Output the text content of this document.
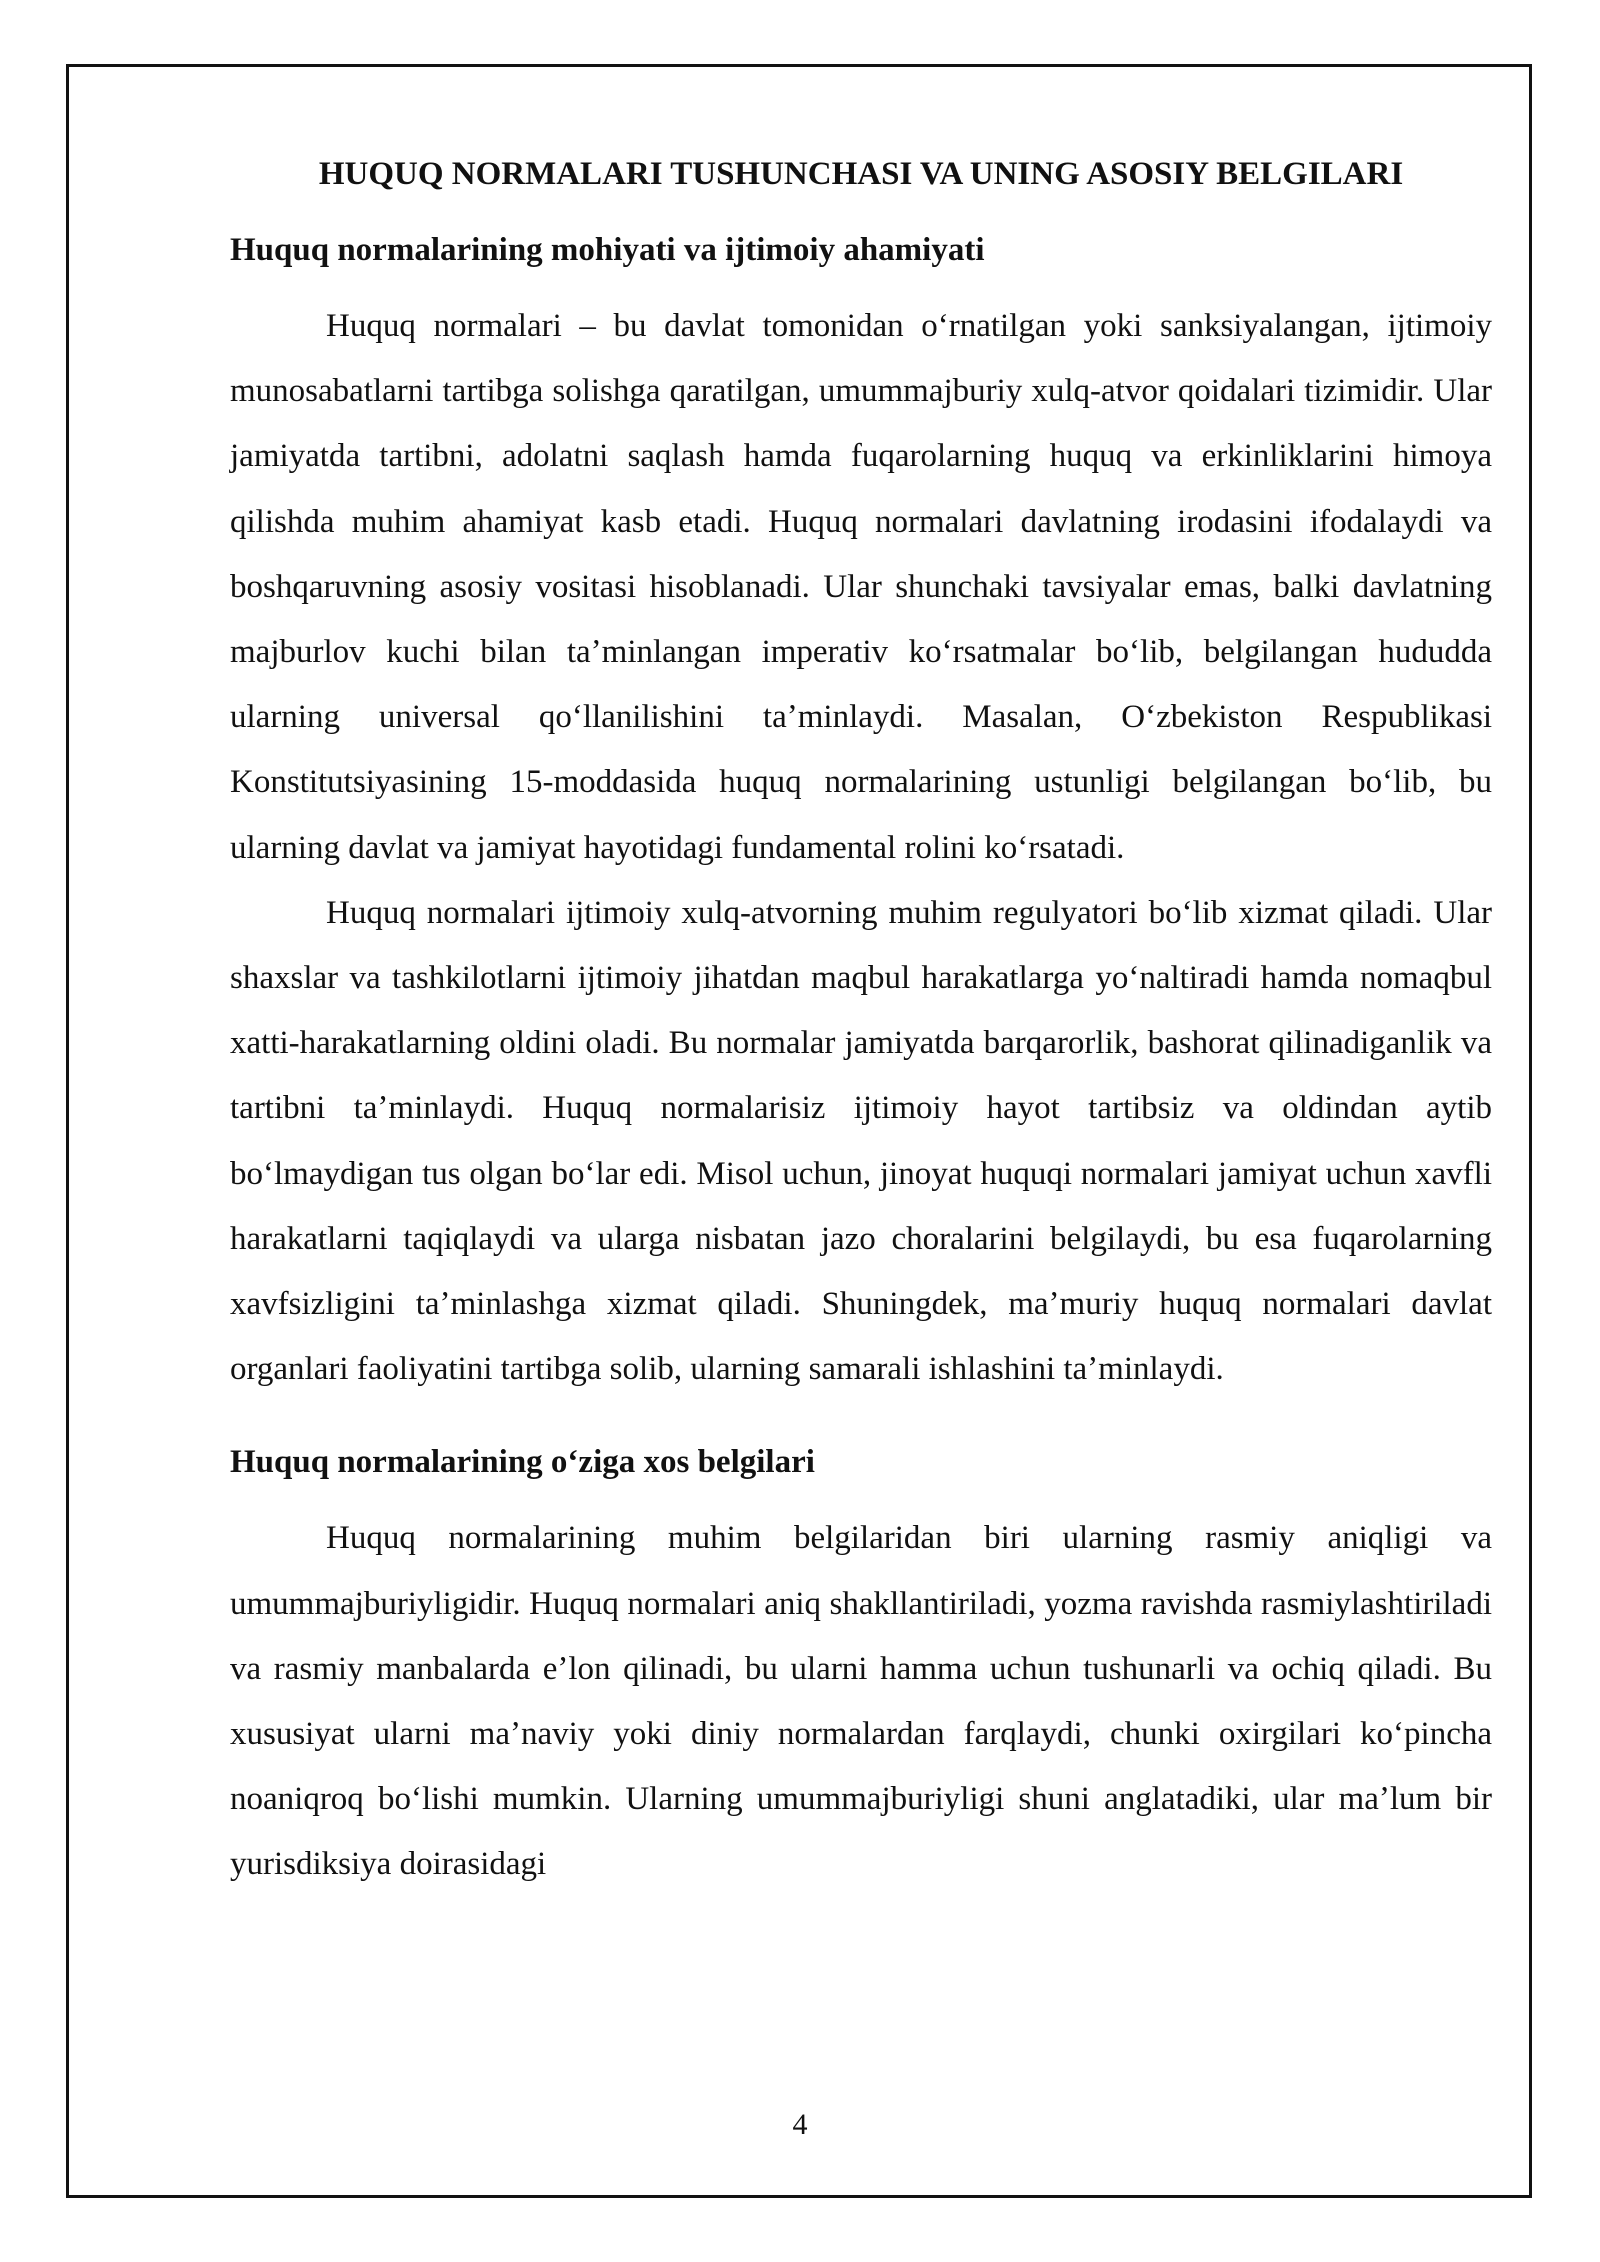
HUQUQ NORMALARI TUSHUNCHASI VA UNING ASOSIY BELGILARI
Huquq normalarining mohiyati va ijtimoiy ahamiyati

Huquq normalari – bu davlat tomonidan oʻrnatilgan yoki sanksiyalangan, ijtimoiy munosabatlarni tartibga solishga qaratilgan, umummajburiy xulq-atvor qoidalari tizimidir. Ular jamiyatda tartibni, adolatni saqlash hamda fuqarolarning huquq va erkinliklarini himoya qilishda muhim ahamiyat kasb etadi. Huquq normalari davlatning irodasini ifodalaydi va boshqaruvning asosiy vositasi hisoblanadi. Ular shunchaki tavsiyalar emas, balki davlatning majburlov kuchi bilan taʼminlangan imperativ koʻrsatmalar boʻlib, belgilangan hududda ularning universal qoʻllanilishini taʼminlaydi. Masalan, Oʻzbekiston Respublikasi Konstitutsiyasining 15-moddasida huquq normalarining ustunligi belgilangan boʻlib, bu ularning davlat va jamiyat hayotidagi fundamental rolini koʻrsatadi.

Huquq normalari ijtimoiy xulq-atvorning muhim regulyatori boʻlib xizmat qiladi. Ular shaxslar va tashkilotlarni ijtimoiy jihatdan maqbul harakatlarga yoʻnaltiradi hamda nomaqbul xatti-harakatlarning oldini oladi. Bu normalar jamiyatda barqarorlik, bashorat qilinadiganlik va tartibni taʼminlaydi. Huquq normalarisiz ijtimoiy hayot tartibsiz va oldindan aytib boʻlmaydigan tus olgan boʻlar edi. Misol uchun, jinoyat huquqi normalari jamiyat uchun xavfli harakatlarni taqiqlaydi va ularga nisbatan jazo choralarini belgilaydi, bu esa fuqarolarning xavfsizligini taʼminlashga xizmat qiladi. Shuningdek, maʼmuriy huquq normalari davlat organlari faoliyatini tartibga solib, ularning samarali ishlashini taʼminlaydi.

Huquq normalarining oʻziga xos belgilari

Huquq normalarining muhim belgilaridan biri ularning rasmiy aniqligi va umummajburiyligidir. Huquq normalari aniq shakllantiriladi, yozma ravishda rasmiylashtiriladi va rasmiy manbalarda eʼlon qilinadi, bu ularni hamma uchun tushunarli va ochiq qiladi. Bu xususiyat ularni maʼnaviy yoki diniy normalardan farqlaydi, chunki oxirgilari koʻpincha noaniqroq boʻlishi mumkin. Ularning umummajburiyligi shuni anglatadiki, ular maʼlum bir yurisdiksiya doirasidagi

4
